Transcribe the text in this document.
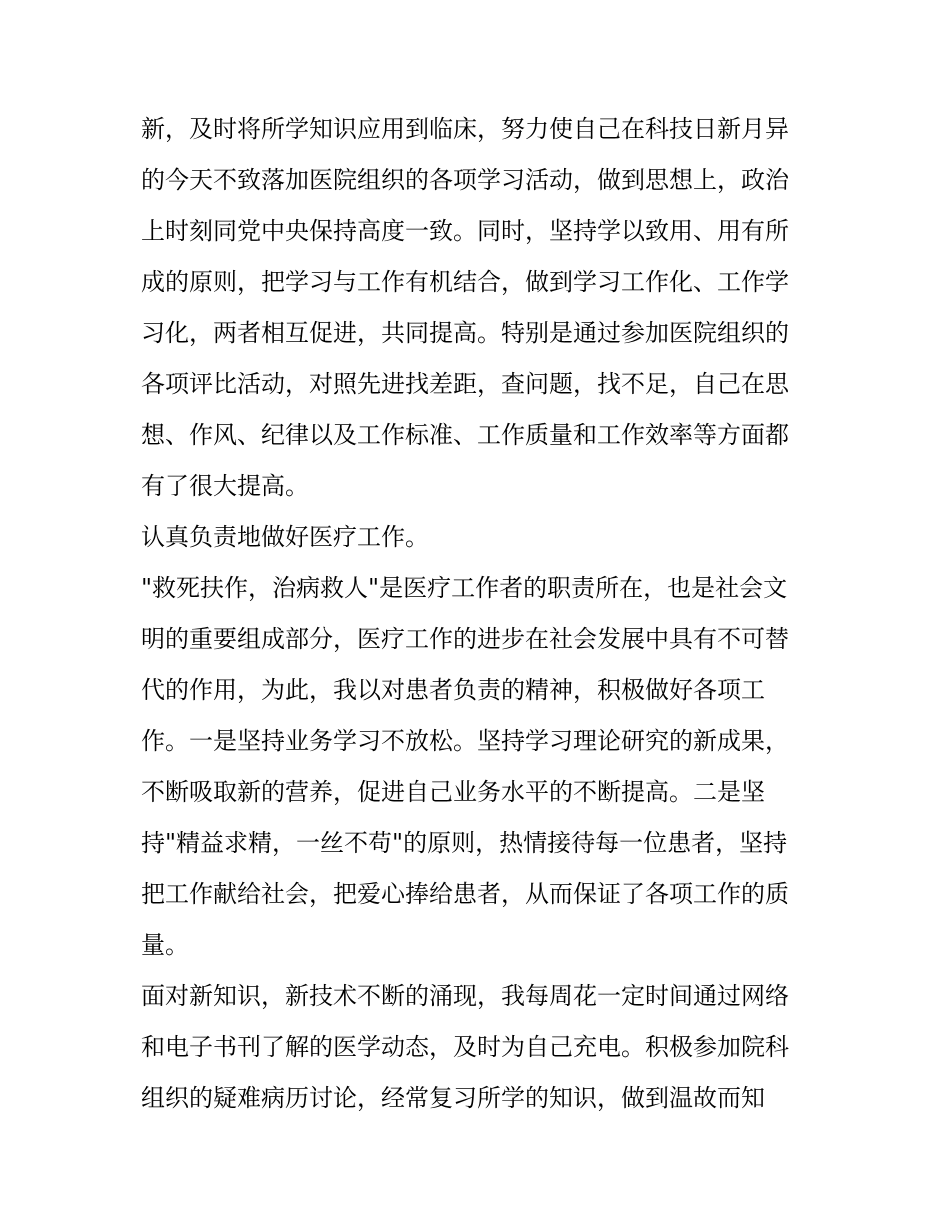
新，及时将所学知识应用到临床，努力使自己在科技日新月异

的今天不致落加医院组织的各项学习活动，做到思想上，政治

上时刻同党中央保持高度一致。同时，坚持学以致用、用有所

成的原则，把学习与工作有机结合，做到学习工作化、工作学

习化，两者相互促进，共同提高。特别是通过参加医院组织的

各项评比活动，对照先进找差距，查问题，找不足，自己在思

想、作风、纪律以及工作标准、工作质量和工作效率等方面都

有了很大提高。

认真负责地做好医疗工作。

"救死扶作，治病救人"是医疗工作者的职责所在，也是社会文

明的重要组成部分，医疗工作的进步在社会发展中具有不可替

代的作用，为此，我以对患者负责的精神，积极做好各项工

作。一是坚持业务学习不放松。坚持学习理论研究的新成果，

不断吸取新的营养，促进自己业务水平的不断提高。二是坚

持"精益求精，一丝不苟"的原则，热情接待每一位患者，坚持

把工作献给社会，把爱心捧给患者，从而保证了各项工作的质

量。

面对新知识，新技术不断的涌现，我每周花一定时间通过网络

和电子书刊了解的医学动态，及时为自己充电。积极参加院科

组织的疑难病历讨论，经常复习所学的知识，做到温故而知
